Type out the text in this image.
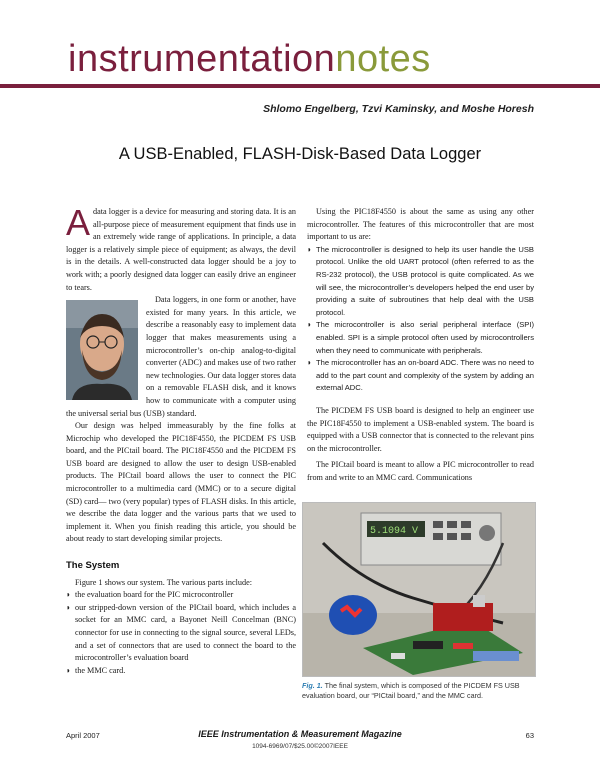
instrumentationnotes
Shlomo Engelberg, Tzvi Kaminsky, and Moshe Horesh
A USB-Enabled, FLASH-Disk-Based Data Logger

Adata logger is a device for measuring and storing data. It is an all-purpose piece of measurement equipment that finds use in an extremely wide range of applications. In principle, a data logger is a relatively simple piece of equipment; as always, the devil is in the details. A well-constructed data logger should be a joy to work with; a poorly designed data logger can easily drive an engineer to tears.

Data loggers, in one form or another, have existed for many years. In this article, we describe a reasonably easy to implement data logger that makes measurements using a microcontroller’s on-chip analog-to-digital converter (ADC) and makes use of two rather new technologies. Our data logger stores data on a removable FLASH disk, and it knows how to communicate with a computer using the universal serial bus (USB) standard.

Our design was helped immeasurably by the fine folks at Microchip who developed the PIC18F4550, the PICDEM FS USB board, and the PICtail board. The PIC18F4550 and the PICDEM FS USB board are designed to allow the user to design USB-enabled products. The PICtail board allows the user to connect the PIC microcontroller to a multimedia card (MMC) or to a secure digital (SD) card— two (very popular) types of FLASH disks. In this article, we describe the data logger and the various parts that we used to implement it. When you finish reading this article, you should be about ready to start developing similar projects.

The System

Figure 1 shows our system. The various parts include:

◗ the evaluation board for the PIC microcontroller
◗ our stripped-down version of the PICtail board, which includes a socket for an MMC card, a Bayonet Neill Concelman (BNC) connector for use in connecting to the signal source, several LEDs, and a set of connectors that are used to connect the board to the microcontroller’s evaluation board
◗ the MMC card.

Using the PIC18F4550 is about the same as using any other microcontroller. The features of this microcontroller that are most important to us are:

◗ The microcontroller is designed to help its user handle the USB protocol. Unlike the old UART protocol (often referred to as the RS-232 protocol), the USB protocol is quite complicated. As we will see, the microcontroller’s developers helped the end user by providing a suite of subroutines that help deal with the USB protocol.
◗ The microcontroller is also serial peripheral interface (SPI) enabled. SPI is a simple protocol often used by microcontrollers when they need to communicate with peripherals.
◗ The microcontroller has an on-board ADC. There was no need to add to the part count and complexity of the system by adding an external ADC.

The PICDEM FS USB board is designed to help an engineer use the PIC18F4550 to implement a USB-enabled system. The board is equipped with a USB connector that is connected to the relevant pins on the microcontroller.

The PICtail board is meant to allow a PIC microcontroller to read from and write to an MMC card. Communications

5.1094 V
Fig. 1. The final system, which is composed of the PICDEM FS USB evaluation board, our “PICtail board,” and the MMC card.
April 2007	IEEE Instrumentation & Measurement Magazine
1094-6969/07/$25.00©2007IEEE
63
